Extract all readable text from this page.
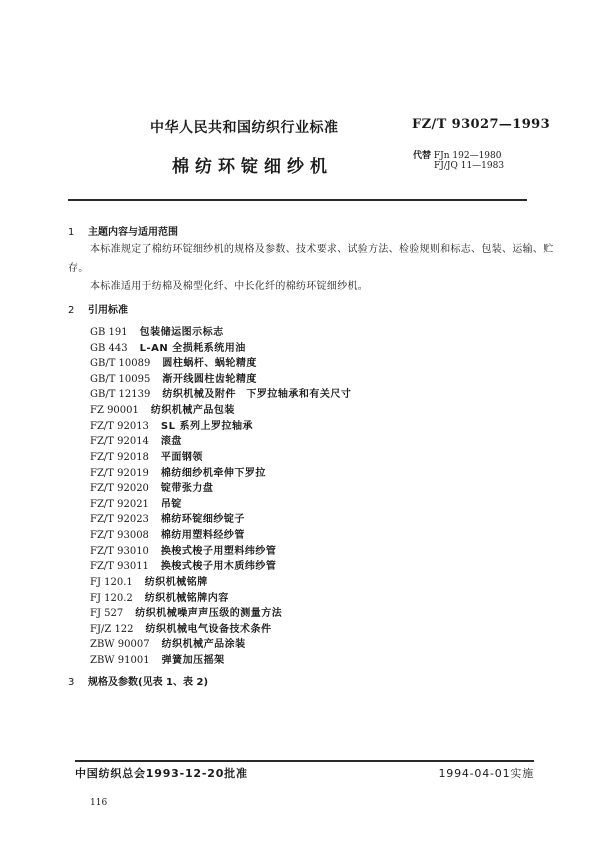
中华人民共和国纺织行业标准	FZ/T 93027—1993
棉纺环锭细纱机
代替 FJn 192—1980
FJ/JQ 11—1983
1 主题内容与适用范围
本标准规定了棉纺环锭细纱机的规格及参数、技术要求、试验方法、检验规则和标志、包装、运输、贮
存。
本标准适用于纺棉及棉型化纤、中长化纤的棉纺环锭细纱机。
2 引用标准
GB 191 包装储运图示标志
GB 443 L-AN 全损耗系统用油
GB/T 10089 圆柱蜗杆、蜗轮精度
GB/T 10095 渐开线圆柱齿轮精度
GB/T 12139 纺织机械及附件　下罗拉轴承和有关尺寸
FZ 90001 纺织机械产品包装
FZ/T 92013 SL 系列上罗拉轴承
FZ/T 92014 滚盘
FZ/T 92018 平面钢领
FZ/T 92019 棉纺细纱机牵伸下罗拉
FZ/T 92020 锭带张力盘
FZ/T 92021 吊锭
FZ/T 92023 棉纺环锭细纱锭子
FZ/T 93008 棉纺用塑料经纱管
FZ/T 93010 换梭式梭子用塑料纬纱管
FZ/T 93011 换梭式梭子用木质纬纱管
FJ 120.1 纺织机械铭牌
FJ 120.2 纺织机械铭牌内容
FJ 527 纺织机械噪声声压级的测量方法
FJ/Z 122 纺织机械电气设备技术条件
ZBW 90007 纺织机械产品涂装
ZBW 91001 弹簧加压摇架
3 规格及参数(见表 1、表 2)
中国纺织总会1993-12-20批准	1994-04-01实施
116
